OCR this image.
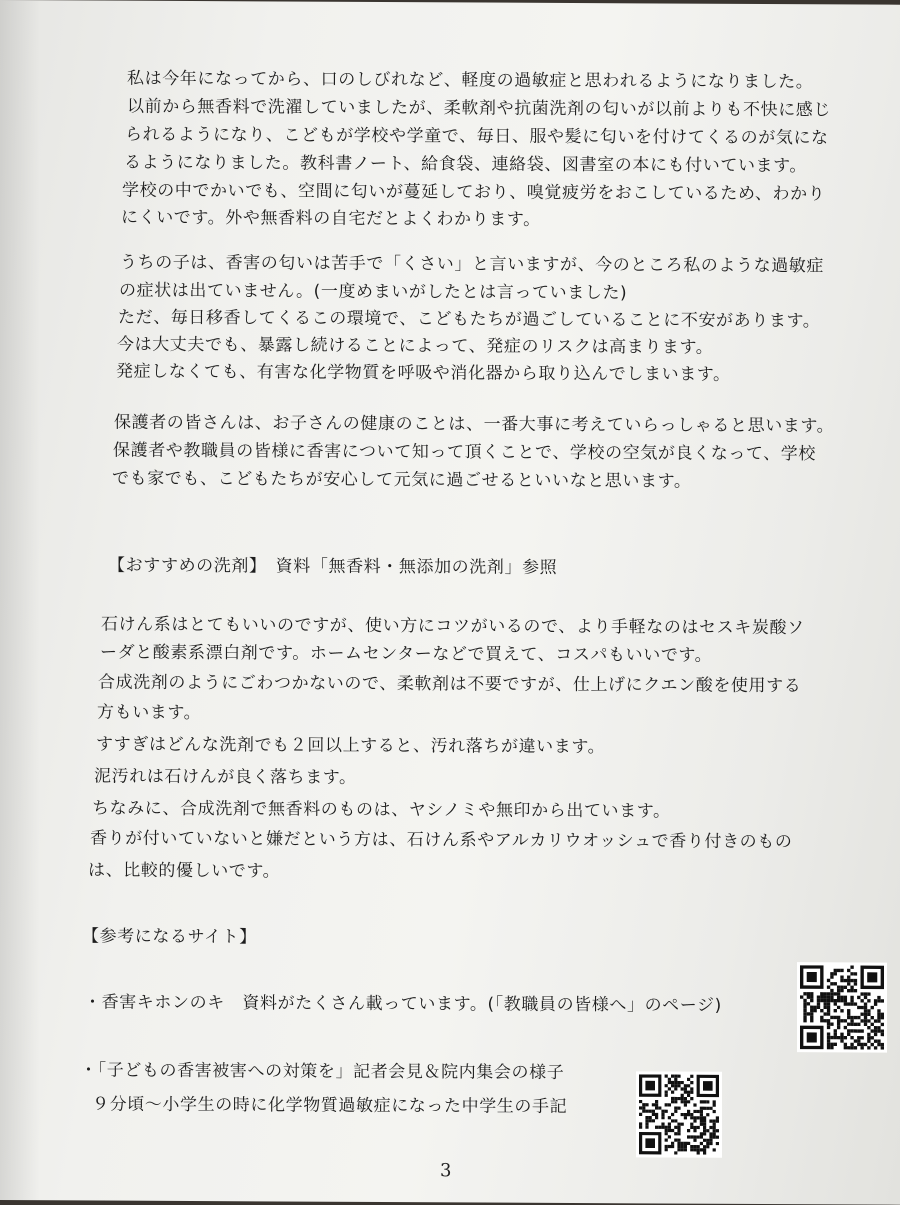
私は今年になってから、口のしびれなど、軽度の過敏症と思われるようになりました。
以前から無香料で洗濯していましたが、柔軟剤や抗菌洗剤の匂いが以前よりも不快に感じ
られるようになり、こどもが学校や学童で、毎日、服や髪に匂いを付けてくるのが気にな
るようになりました。教科書ノート、給食袋、連絡袋、図書室の本にも付いています。
学校の中でかいでも、空間に匂いが蔓延しており、嗅覚疲労をおこしているため、わかり
にくいです。外や無香料の自宅だとよくわかります。
うちの子は、香害の匂いは苦手で「くさい」と言いますが、今のところ私のような過敏症
の症状は出ていません。(一度めまいがしたとは言っていました)
ただ、毎日移香してくるこの環境で、こどもたちが過ごしていることに不安があります。
今は大丈夫でも、暴露し続けることによって、発症のリスクは高まります。
発症しなくても、有害な化学物質を呼吸や消化器から取り込んでしまいます。
保護者の皆さんは、お子さんの健康のことは、一番大事に考えていらっしゃると思います。
保護者や教職員の皆様に香害について知って頂くことで、学校の空気が良くなって、学校
でも家でも、こどもたちが安心して元気に過ごせるといいなと思います。
【おすすめの洗剤】　資料「無香料・無添加の洗剤」参照
石けん系はとてもいいのですが、使い方にコツがいるので、より手軽なのはセスキ炭酸ソ
ーダと酸素系漂白剤です。ホームセンターなどで買えて、コスパもいいです。
合成洗剤のようにごわつかないので、柔軟剤は不要ですが、仕上げにクエン酸を使用する
方もいます。
すすぎはどんな洗剤でも２回以上すると、汚れ落ちが違います。
泥汚れは石けんが良く落ちます。
ちなみに、合成洗剤で無香料のものは、ヤシノミや無印から出ています。
香りが付いていないと嫌だという方は、石けん系やアルカリウオッシュで香り付きのもの
は、比較的優しいです。
【参考になるサイト】
・香害キホンのキ　資料がたくさん載っています。(「教職員の皆様へ」のページ)
・「子どもの香害被害への対策を」記者会見＆院内集会の様子
９分頃～小学生の時に化学物質過敏症になった中学生の手記
3
